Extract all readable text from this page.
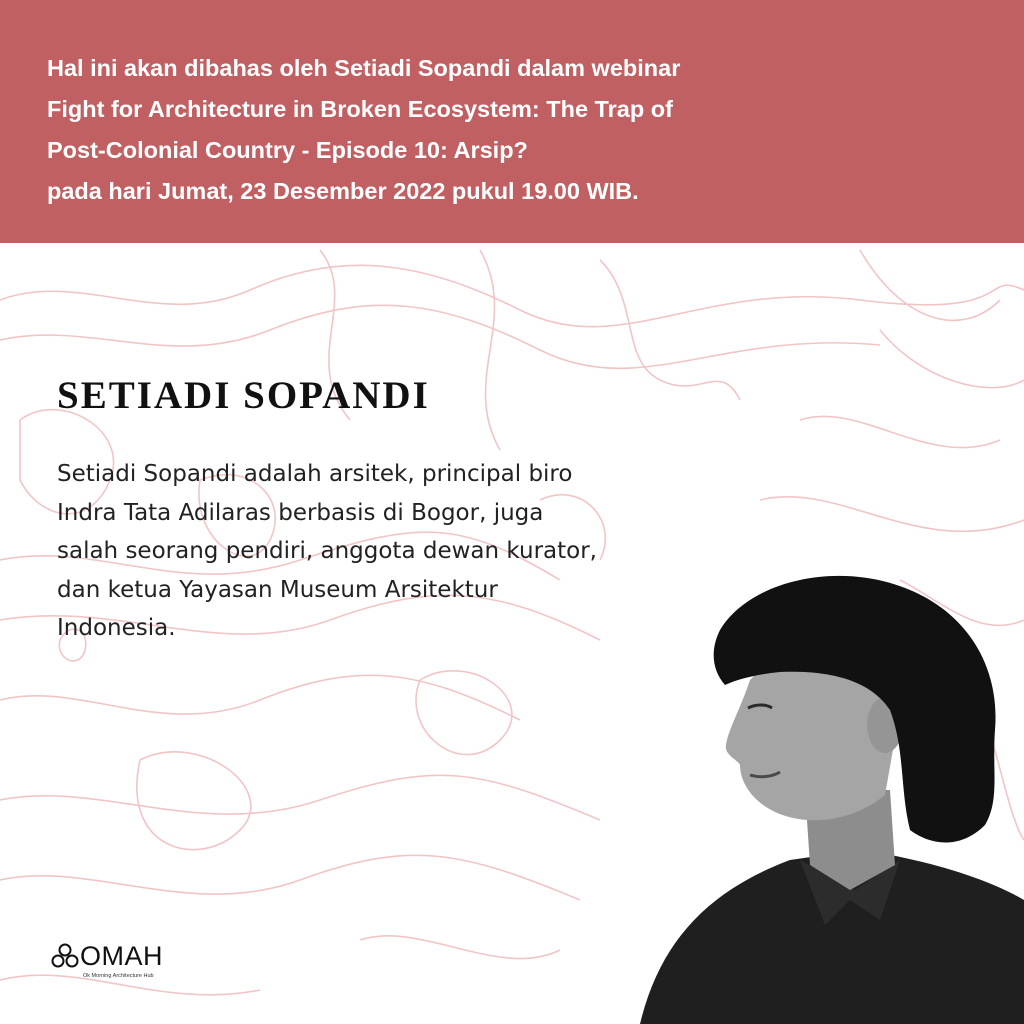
Hal ini akan dibahas oleh Setiadi Sopandi dalam webinar
Fight for Architecture in Broken Ecosystem: The Trap of
Post-Colonial Country - Episode 10: Arsip?
pada hari Jumat, 23 Desember 2022 pukul 19.00 WIB.
SETIADI SOPANDI
Setiadi Sopandi adalah arsitek, principal biro
Indra Tata Adilaras berbasis di Bogor, juga
salah seorang pendiri, anggota dewan kurator,
dan ketua Yayasan Museum Arsitektur
Indonesia.
OMAH
Ok Morning Architecture Hub
